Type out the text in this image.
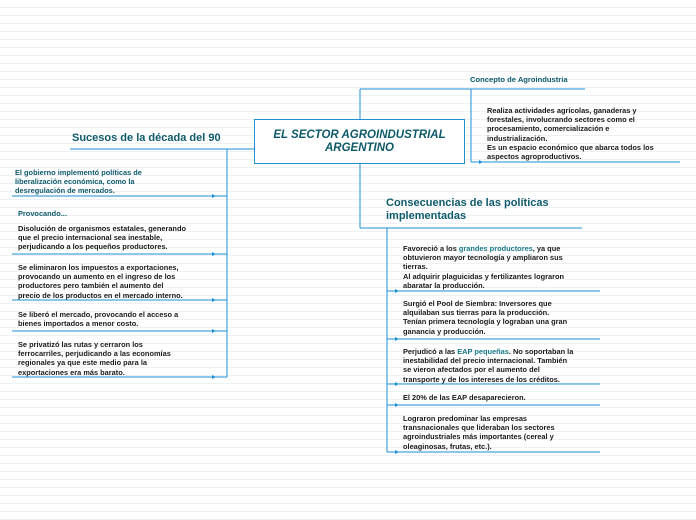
EL SECTOR AGROINDUSTRIAL
ARGENTINO
Concepto de Agroindustria
Realiza actividades agrícolas, ganaderas y
forestales, involucrando sectores como el
procesamiento, comercialización e
industrialización.
Es un espacio económico que abarca todos los
aspectos agroproductivos.
Sucesos de la década del 90
El gobierno implementó políticas de
liberalización económica, como la
desregulación de mercados.
Provocando...
Disolución de organismos estatales, generando
que el precio internacional sea inestable,
perjudicando a los pequeños productores.
Se eliminaron los impuestos a exportaciones,
provocando un aumento en el ingreso de los
productores pero también el aumento del
precio de los productos en el mercado interno.
Se liberó el mercado, provocando el acceso a
bienes importados a menor costo.
Se privatizó las rutas y cerraron los
ferrocarriles, perjudicando a las economías
regionales ya que este medio para la
exportaciones era más barato.
Consecuencias de las políticas
implementadas
Favoreció a los grandes productores, ya que
obtuvieron mayor tecnología y ampliaron sus
tierras.
Al adquirir plaguicidas y fertilizantes lograron
abaratar la producción.
Surgió el Pool de Siembra: Inversores que
alquilaban sus tierras para la producción.
Tenían primera tecnología y lograban una gran
ganancia y producción.
Perjudicó a las EAP pequeñas. No soportaban la
inestabilidad del precio internacional. También
se vieron afectados por el aumento del
transporte y de los intereses de los créditos.
El 20% de las EAP desaparecieron.
Lograron predominar las empresas
transnacionales que lideraban los sectores
agroindustriales más importantes (cereal y
oleaginosas, frutas, etc.).
